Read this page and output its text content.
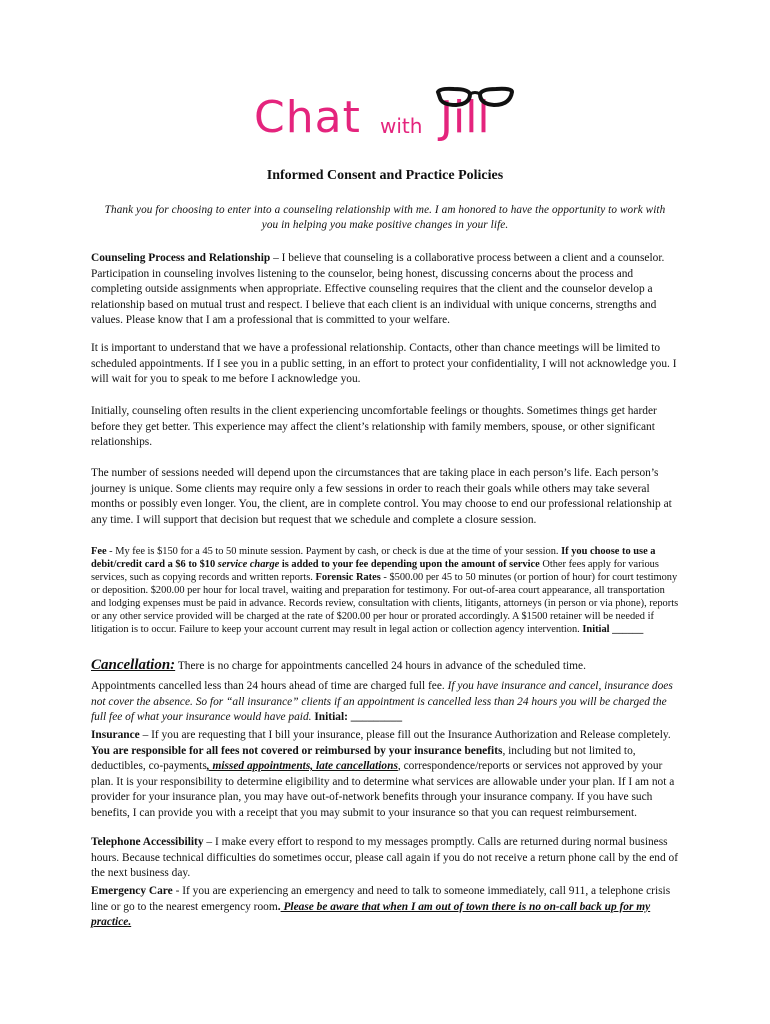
Chat with Jill
Informed Consent and Practice Policies
Thank you for choosing to enter into a counseling relationship with me. I am honored to have the opportunity to work with you in helping you make positive changes in your life.
Counseling Process and Relationship – I believe that counseling is a collaborative process between a client and a counselor. Participation in counseling involves listening to the counselor, being honest, discussing concerns about the process and completing outside assignments when appropriate. Effective counseling requires that the client and the counselor develop a relationship based on mutual trust and respect. I believe that each client is an individual with unique concerns, strengths and values. Please know that I am a professional that is committed to your welfare.
It is important to understand that we have a professional relationship. Contacts, other than chance meetings will be limited to scheduled appointments. If I see you in a public setting, in an effort to protect your confidentiality, I will not acknowledge you. I will wait for you to speak to me before I acknowledge you.
Initially, counseling often results in the client experiencing uncomfortable feelings or thoughts. Sometimes things get harder before they get better. This experience may affect the client’s relationship with family members, spouse, or other significant relationships.
The number of sessions needed will depend upon the circumstances that are taking place in each person’s life. Each person’s journey is unique. Some clients may require only a few sessions in order to reach their goals while others may take several months or possibly even longer. You, the client, are in complete control. You may choose to end our professional relationship at any time. I will support that decision but request that we schedule and complete a closure session.
Fee - My fee is $150 for a 45 to 50 minute session. Payment by cash, or check is due at the time of your session. If you choose to use a debit/credit card a $6 to $10 service charge is added to your fee depending upon the amount of service Other fees apply for various services, such as copying records and written reports. Forensic Rates - $500.00 per 45 to 50 minutes (or portion of hour) for court testimony or deposition. $200.00 per hour for local travel, waiting and preparation for testimony. For out-of-area court appearance, all transportation and lodging expenses must be paid in advance. Records review, consultation with clients, litigants, attorneys (in person or via phone), reports or any other service provided will be charged at the rate of $200.00 per hour or prorated accordingly. A $1500 retainer will be needed if litigation is to occur. Failure to keep your account current may result in legal action or collection agency intervention. Initial ______
Cancellation: There is no charge for appointments cancelled 24 hours in advance of the scheduled time.
Appointments cancelled less than 24 hours ahead of time are charged full fee. If you have insurance and cancel, insurance does not cover the absence. So for “all insurance” clients if an appointment is cancelled less than 24 hours you will be charged the full fee of what your insurance would have paid. Initial: _________
Insurance – If you are requesting that I bill your insurance, please fill out the Insurance Authorization and Release completely. You are responsible for all fees not covered or reimbursed by your insurance benefits, including but not limited to, deductibles, co-payments, missed appointments, late cancellations, correspondence/reports or services not approved by your plan. It is your responsibility to determine eligibility and to determine what services are allowable under your plan. If I am not a provider for your insurance plan, you may have out-of-network benefits through your insurance company. If you have such benefits, I can provide you with a receipt that you may submit to your insurance so that you can request reimbursement.
Telephone Accessibility – I make every effort to respond to my messages promptly. Calls are returned during normal business hours. Because technical difficulties do sometimes occur, please call again if you do not receive a return phone call by the end of the next business day.
Emergency Care - If you are experiencing an emergency and need to talk to someone immediately, call 911, a telephone crisis line or go to the nearest emergency room. Please be aware that when I am out of town there is no on-call back up for my practice.
